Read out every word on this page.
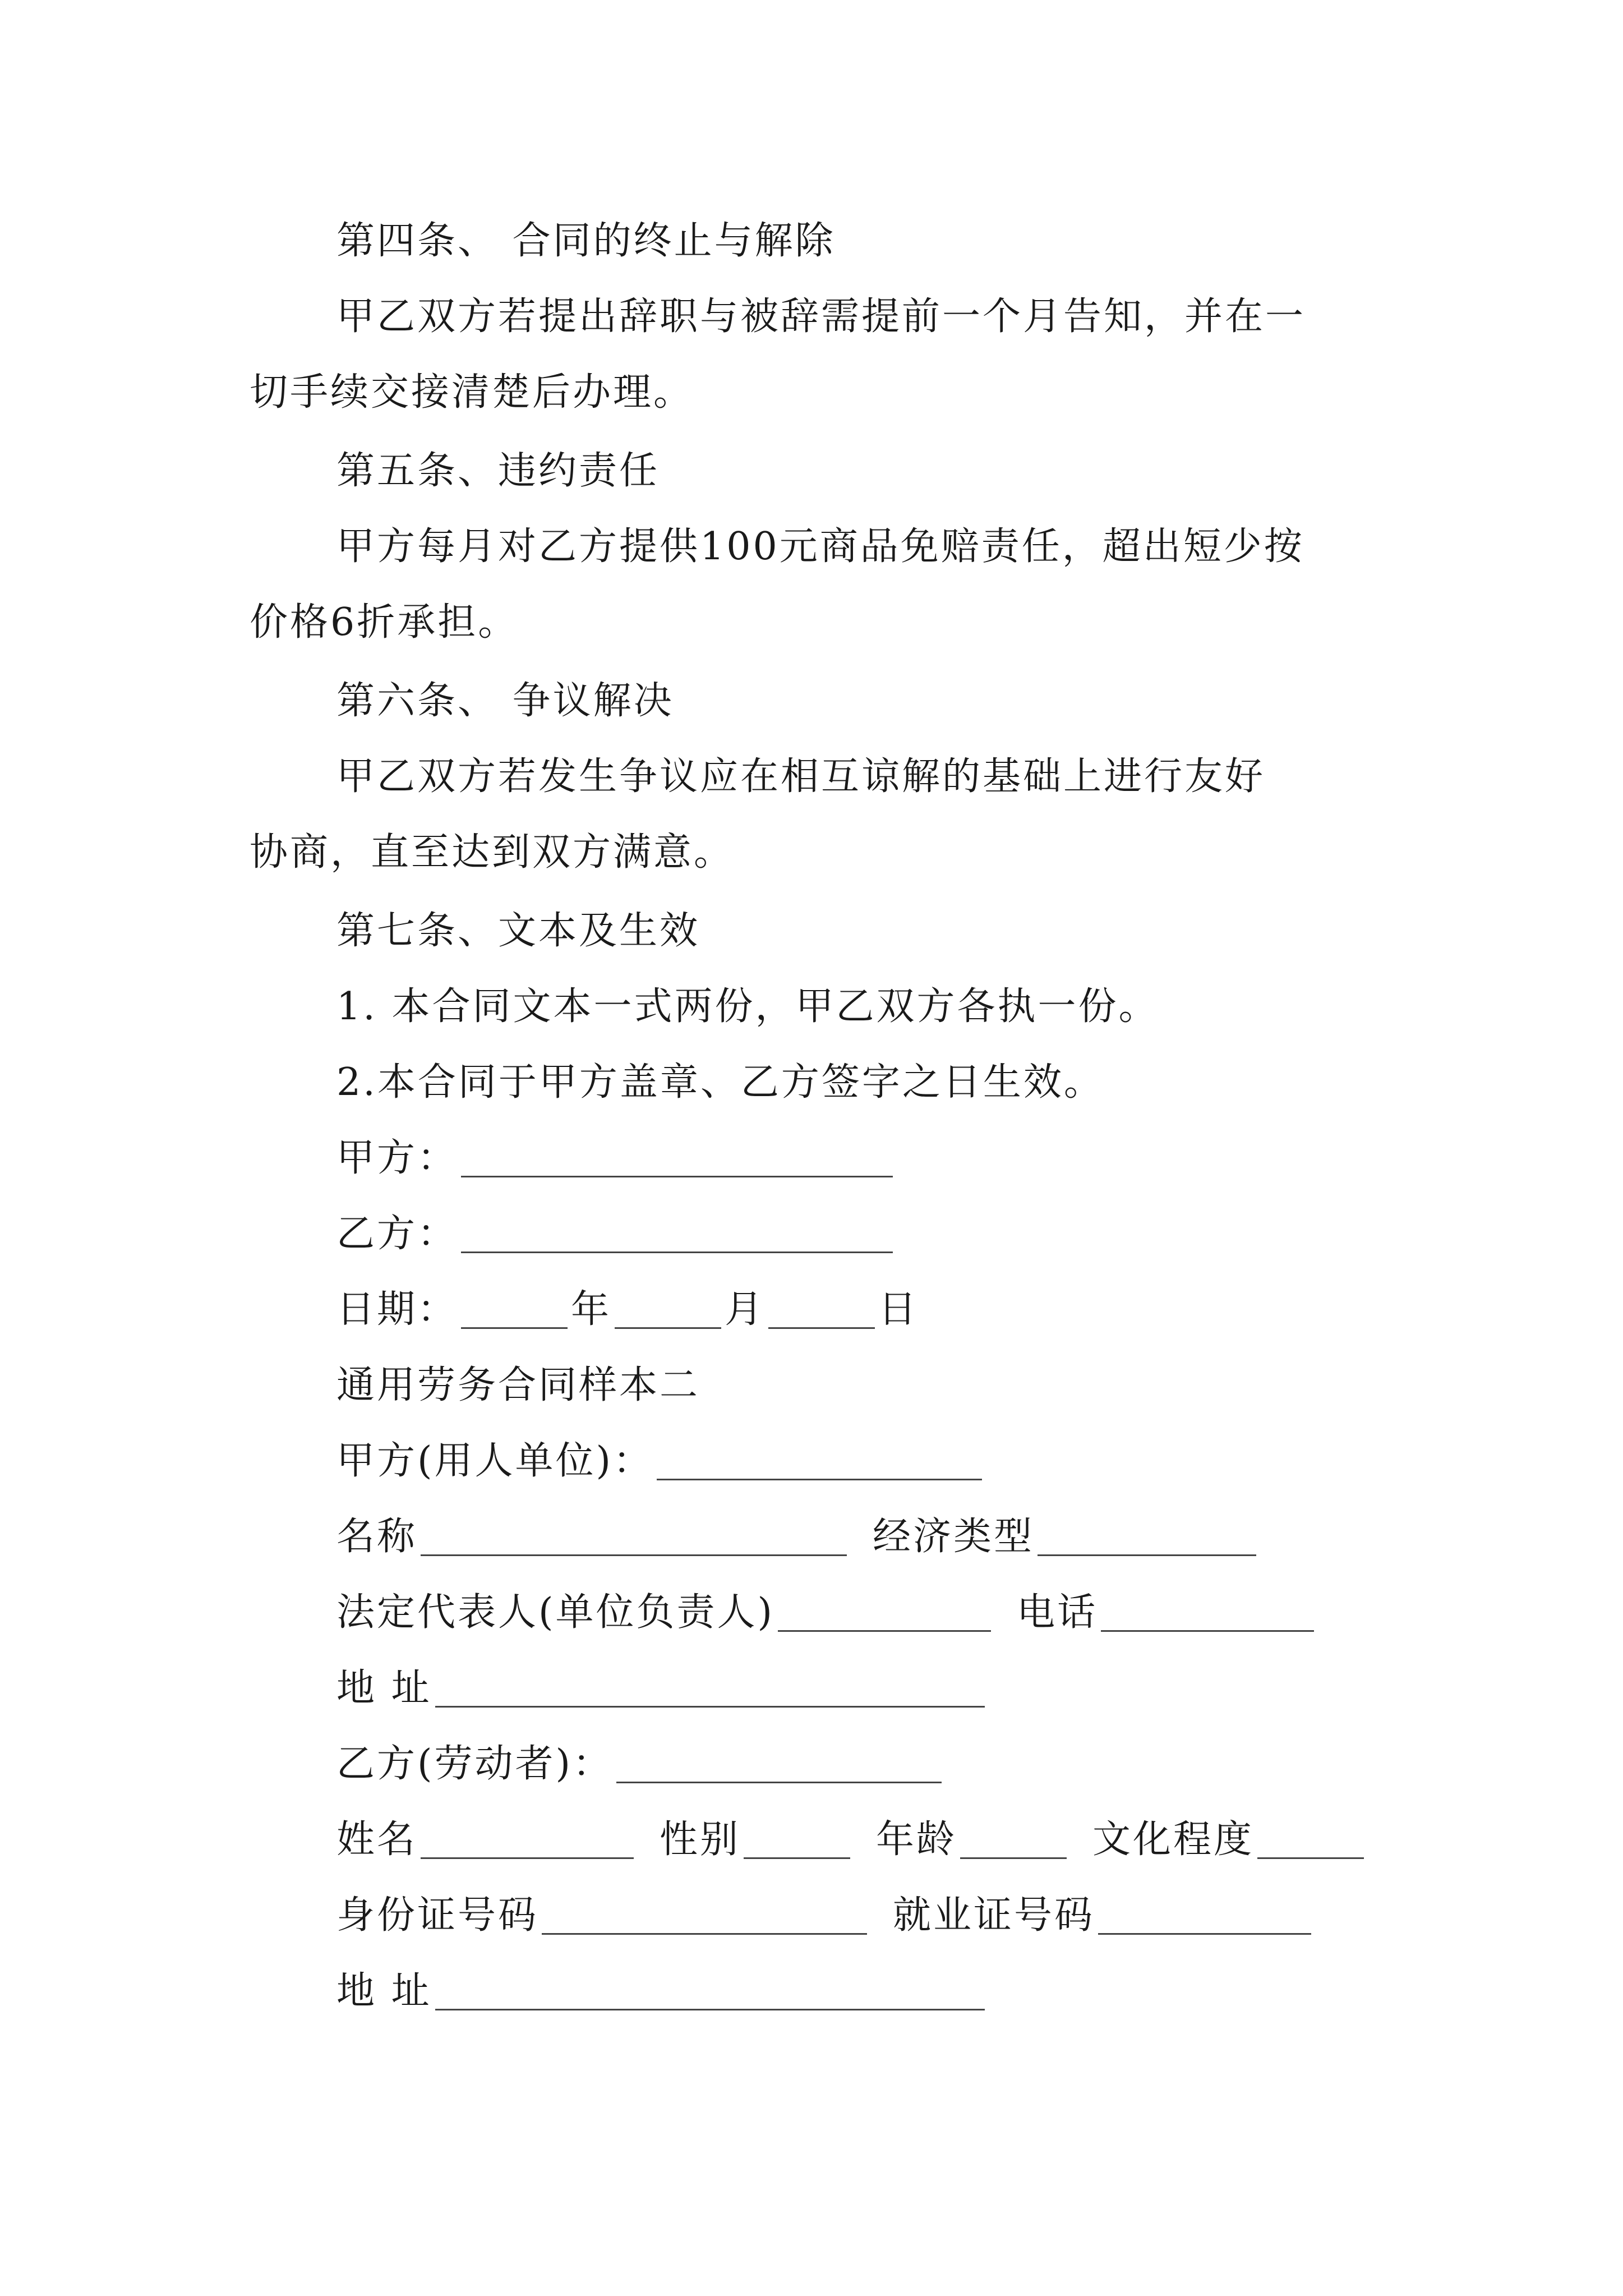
第四条、 合同的终止与解除
甲乙双方若提出辞职与被辞需提前一个月告知，并在一
切手续交接清楚后办理。
第五条、违约责任
甲方每月对乙方提供100元商品免赔责任，超出短少按
价格6折承担。
第六条、 争议解决
甲乙双方若发生争议应在相互谅解的基础上进行友好
协商，直至达到双方满意。
第七条、文本及生效
1. 本合同文本一式两份，甲乙双方各执一份。
2.本合同于甲方盖章、乙方签字之日生效。
甲方：
乙方：
日期：	年	月	日
通用劳务合同样本二
甲方(用人单位)：
名称	经济类型
法定代表人(单位负责人)	电话
地 址
乙方(劳动者)：
姓名	性别	年龄	文化程度
身份证号码	就业证号码
地 址
